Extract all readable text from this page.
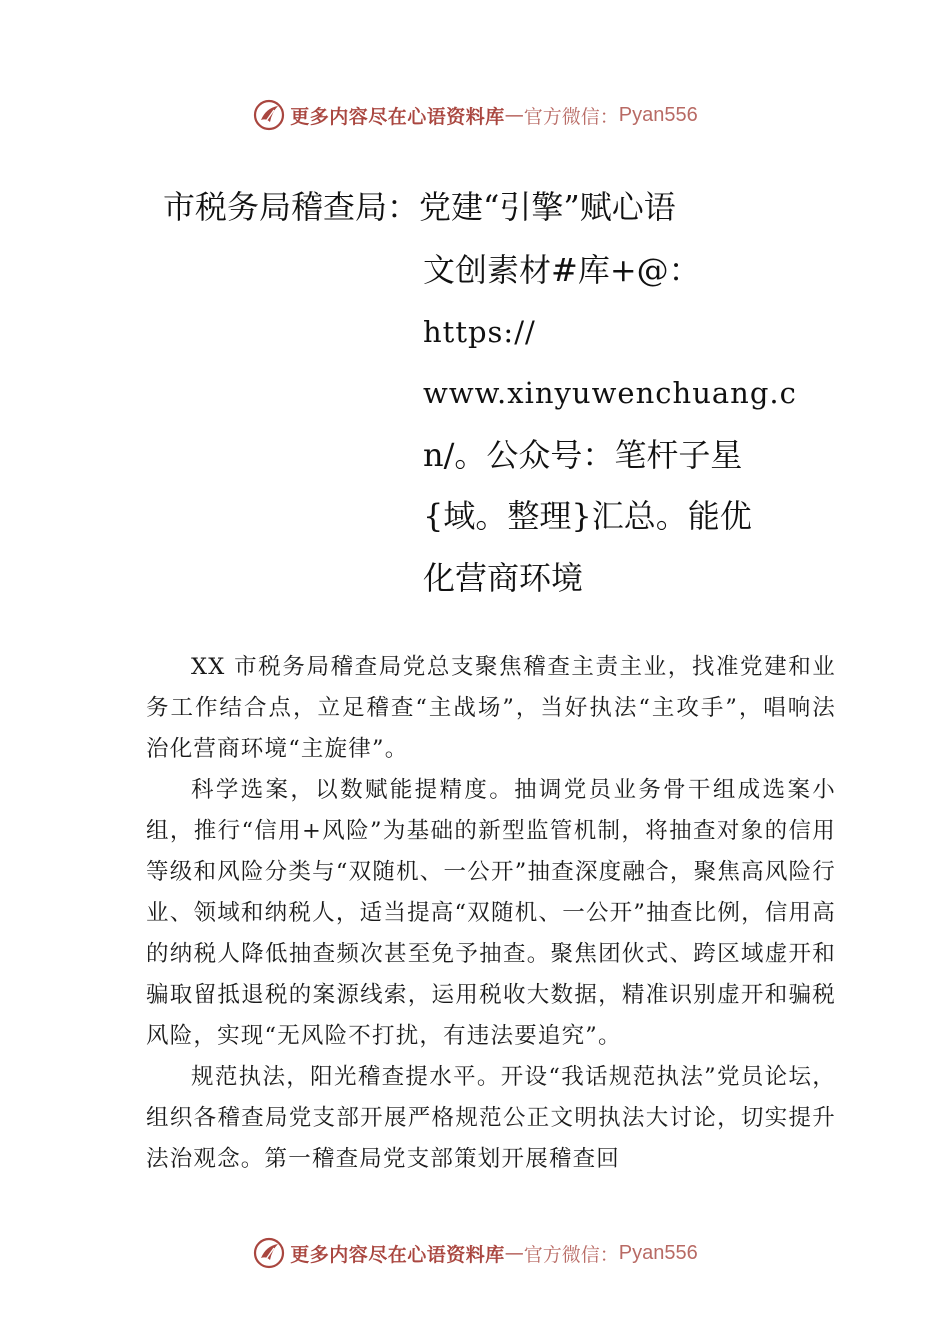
更多内容尽在心语资料库 — 官方微信： Pyan556
市税务局稽查局：党建“引擎”赋心语
文创素材#库+@：
https://
www.xinyuwenchuang.c
n/。公众号：笔杆子星
{域。整理}汇总。能优
化营商环境

XX 市税务局稽查局党总支聚焦稽查主责主业，找准党建和业务工作结合点，立足稽查“主战场”，当好执法“主攻手”，唱响法治化营商环境“主旋律”。

科学选案，以数赋能提精度。抽调党员业务骨干组成选案小组，推行“信用+风险”为基础的新型监管机制，将抽查对象的信用等级和风险分类与“双随机、一公开”抽查深度融合，聚焦高风险行业、领域和纳税人，适当提高“双随机、一公开”抽查比例，信用高的纳税人降低抽查频次甚至免予抽查。聚焦团伙式、跨区域虚开和骗取留抵退税的案源线索，运用税收大数据，精准识别虚开和骗税风险，实现“无风险不打扰，有违法要追究”。

规范执法，阳光稽查提水平。开设“我话规范执法”党员论坛，组织各稽查局党支部开展严格规范公正文明执法大讨论，切实提升法治观念。第一稽查局党支部策划开展稽查回

更多内容尽在心语资料库 — 官方微信： Pyan556
